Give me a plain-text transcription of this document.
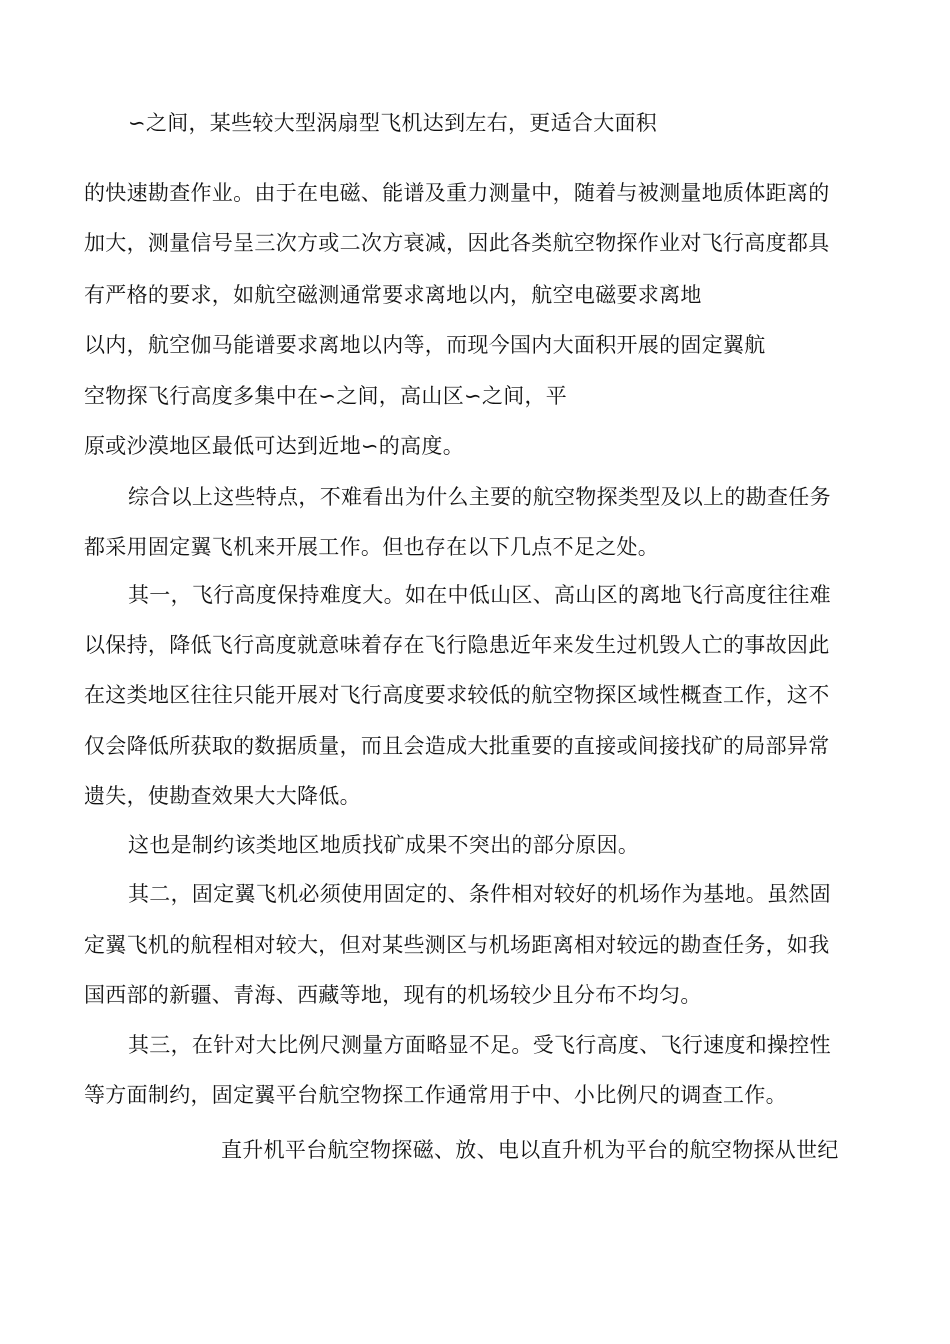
∽之间，某些较大型涡扇型飞机达到左右，更适合大面积
的快速勘查作业。由于在电磁、能谱及重力测量中，随着与被测量地质体距离的
加大，测量信号呈三次方或二次方衰减，因此各类航空物探作业对飞行高度都具
有严格的要求，如航空磁测通常要求离地以内，航空电磁要求离地
以内，航空伽马能谱要求离地以内等，而现今国内大面积开展的固定翼航
空物探飞行高度多集中在∽之间，高山区∽之间，平
原或沙漠地区最低可达到近地∽的高度。
综合以上这些特点，不难看出为什么主要的航空物探类型及以上的勘查任务
都采用固定翼飞机来开展工作。但也存在以下几点不足之处。
其一，飞行高度保持难度大。如在中低山区、高山区的离地飞行高度往往难
以保持，降低飞行高度就意味着存在飞行隐患近年来发生过机毁人亡的事故因此
在这类地区往往只能开展对飞行高度要求较低的航空物探区域性概查工作，这不
仅会降低所获取的数据质量，而且会造成大批重要的直接或间接找矿的局部异常
遗失，使勘查效果大大降低。
这也是制约该类地区地质找矿成果不突出的部分原因。
其二，固定翼飞机必须使用固定的、条件相对较好的机场作为基地。虽然固
定翼飞机的航程相对较大，但对某些测区与机场距离相对较远的勘查任务，如我
国西部的新疆、青海、西藏等地，现有的机场较少且分布不均匀。
其三，在针对大比例尺测量方面略显不足。受飞行高度、飞行速度和操控性
等方面制约，固定翼平台航空物探工作通常用于中、小比例尺的调查工作。
直升机平台航空物探磁、放、电以直升机为平台的航空物探从世纪
